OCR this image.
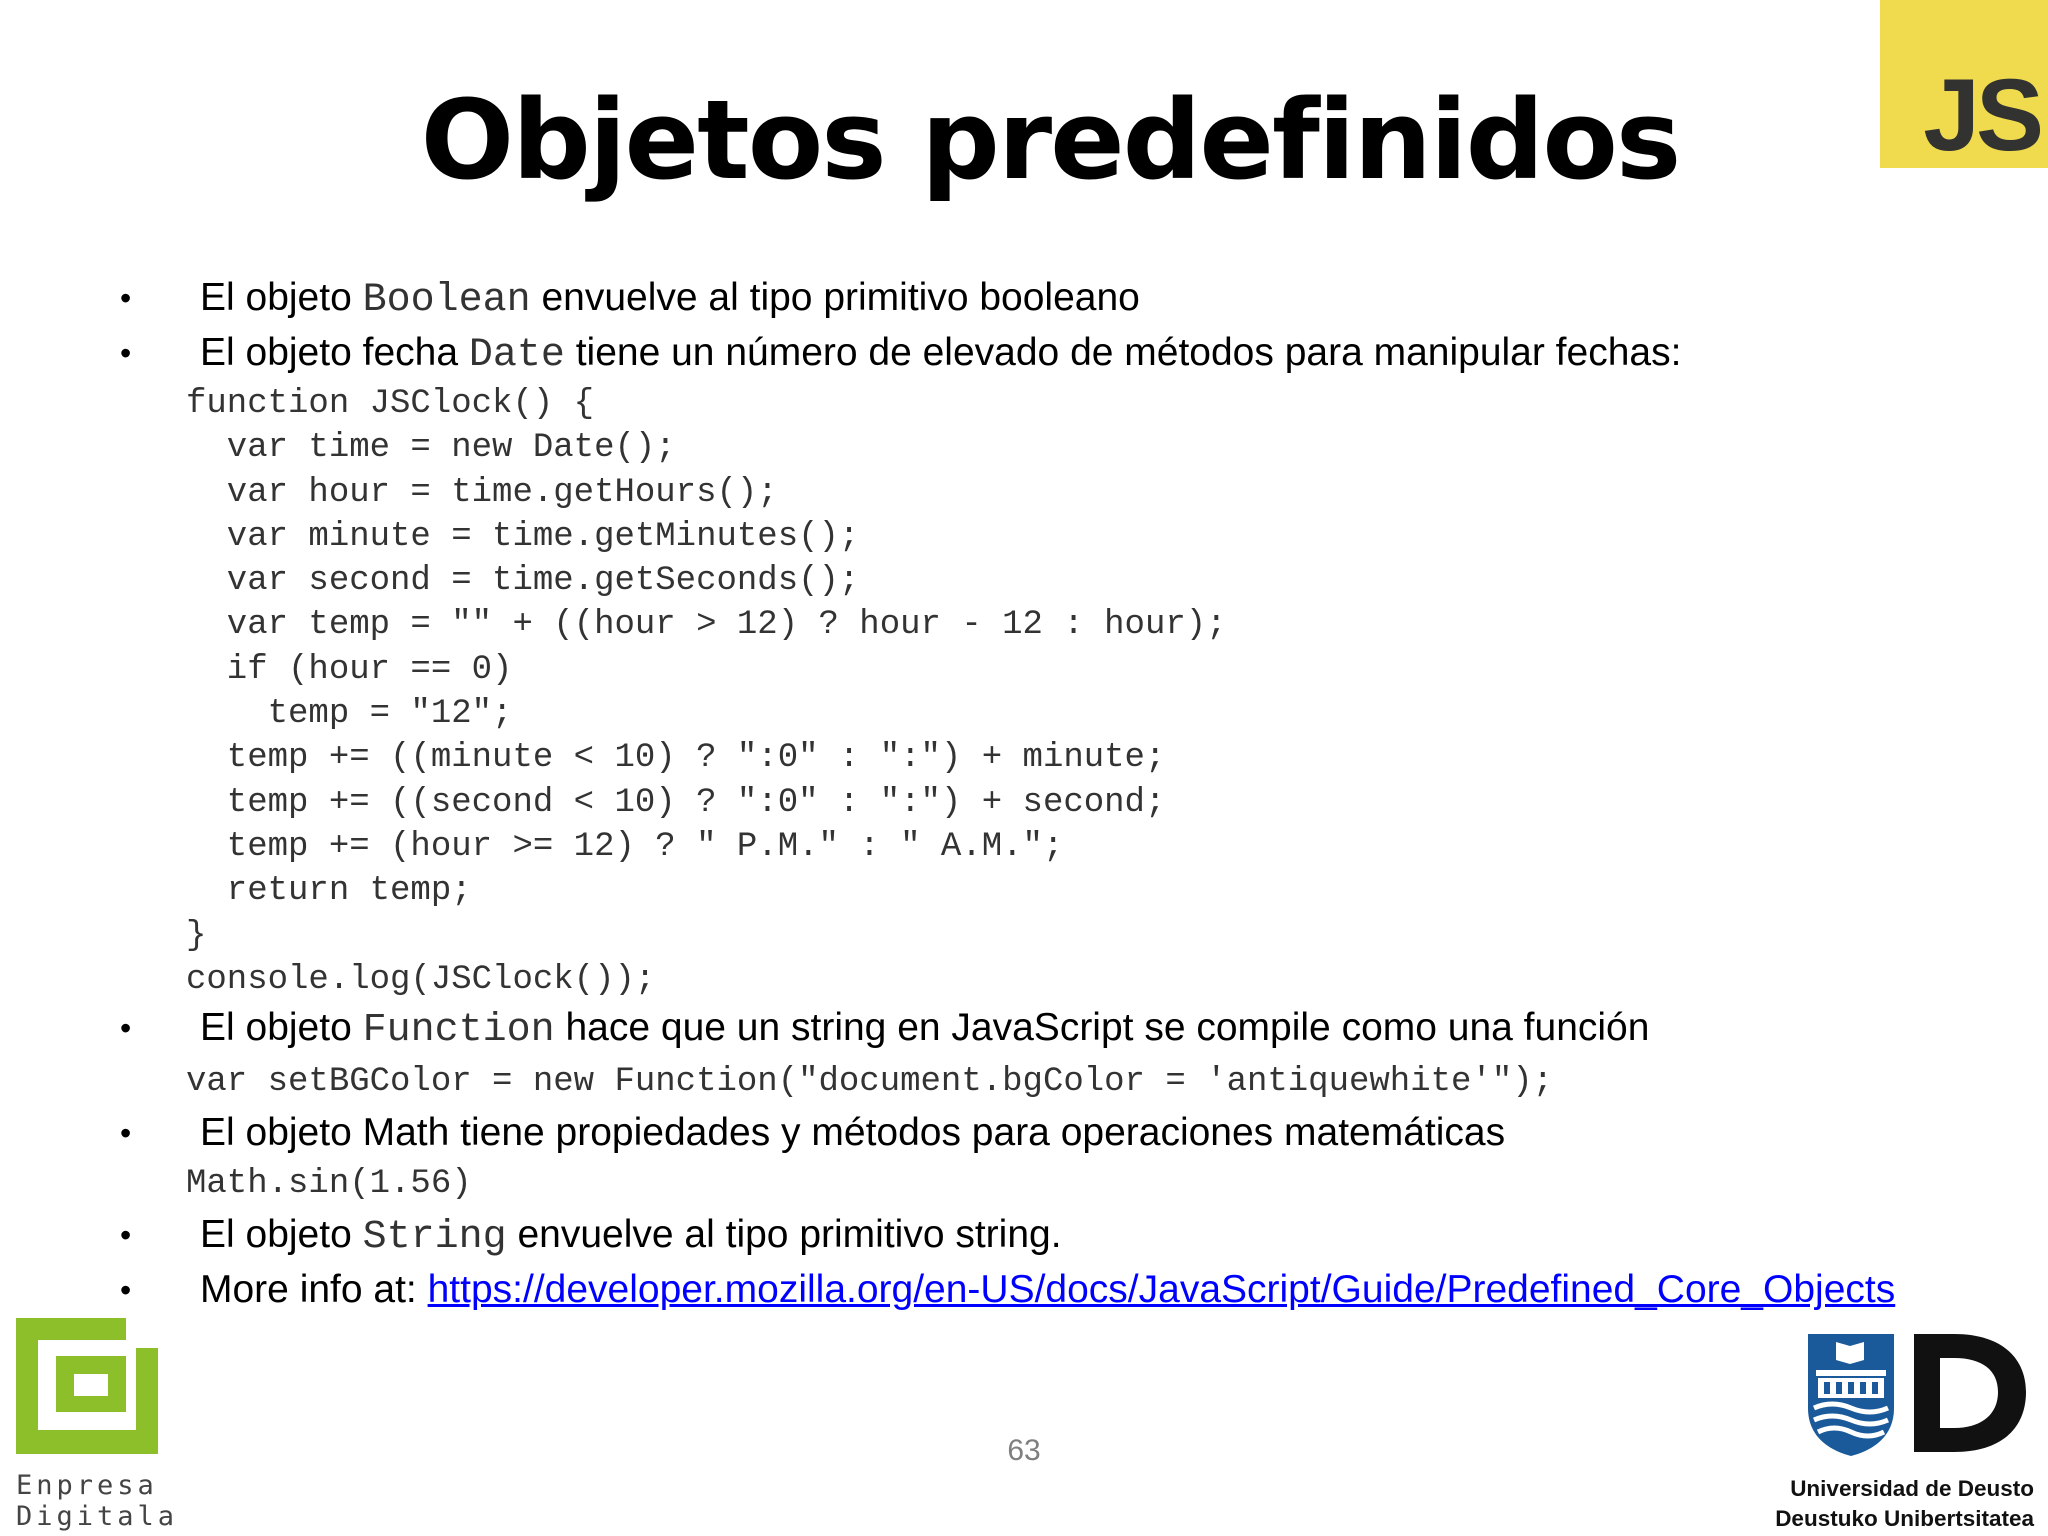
JS
Objetos predefinidos
• El objeto Boolean envuelve al tipo primitivo booleano
• El objeto fecha Date tiene un número de elevado de métodos para manipular fechas:
function JSClock() {
var time = new Date();
var hour = time.getHours();
var minute = time.getMinutes();
var second = time.getSeconds();
var temp = "" + ((hour > 12) ? hour - 12 : hour);
if (hour == 0)
temp = "12";
temp += ((minute < 10) ? ":0" : ":") + minute;
temp += ((second < 10) ? ":0" : ":") + second;
temp += (hour >= 12) ? " P.M." : " A.M.";
return temp;
}
console.log(JSClock());
• El objeto Function hace que un string en JavaScript se compile como una función
var setBGColor = new Function("document.bgColor = 'antiquewhite'");
• El objeto Math tiene propiedades y métodos para operaciones matemáticas
Math.sin(1.56)
• El objeto String envuelve al tipo primitivo string.
• More info at: https://developer.mozilla.org/en-US/docs/JavaScript/Guide/Predefined_Core_Objects
63
Enpresa
Digitala
Universidad de Deusto
Deustuko Unibertsitatea
